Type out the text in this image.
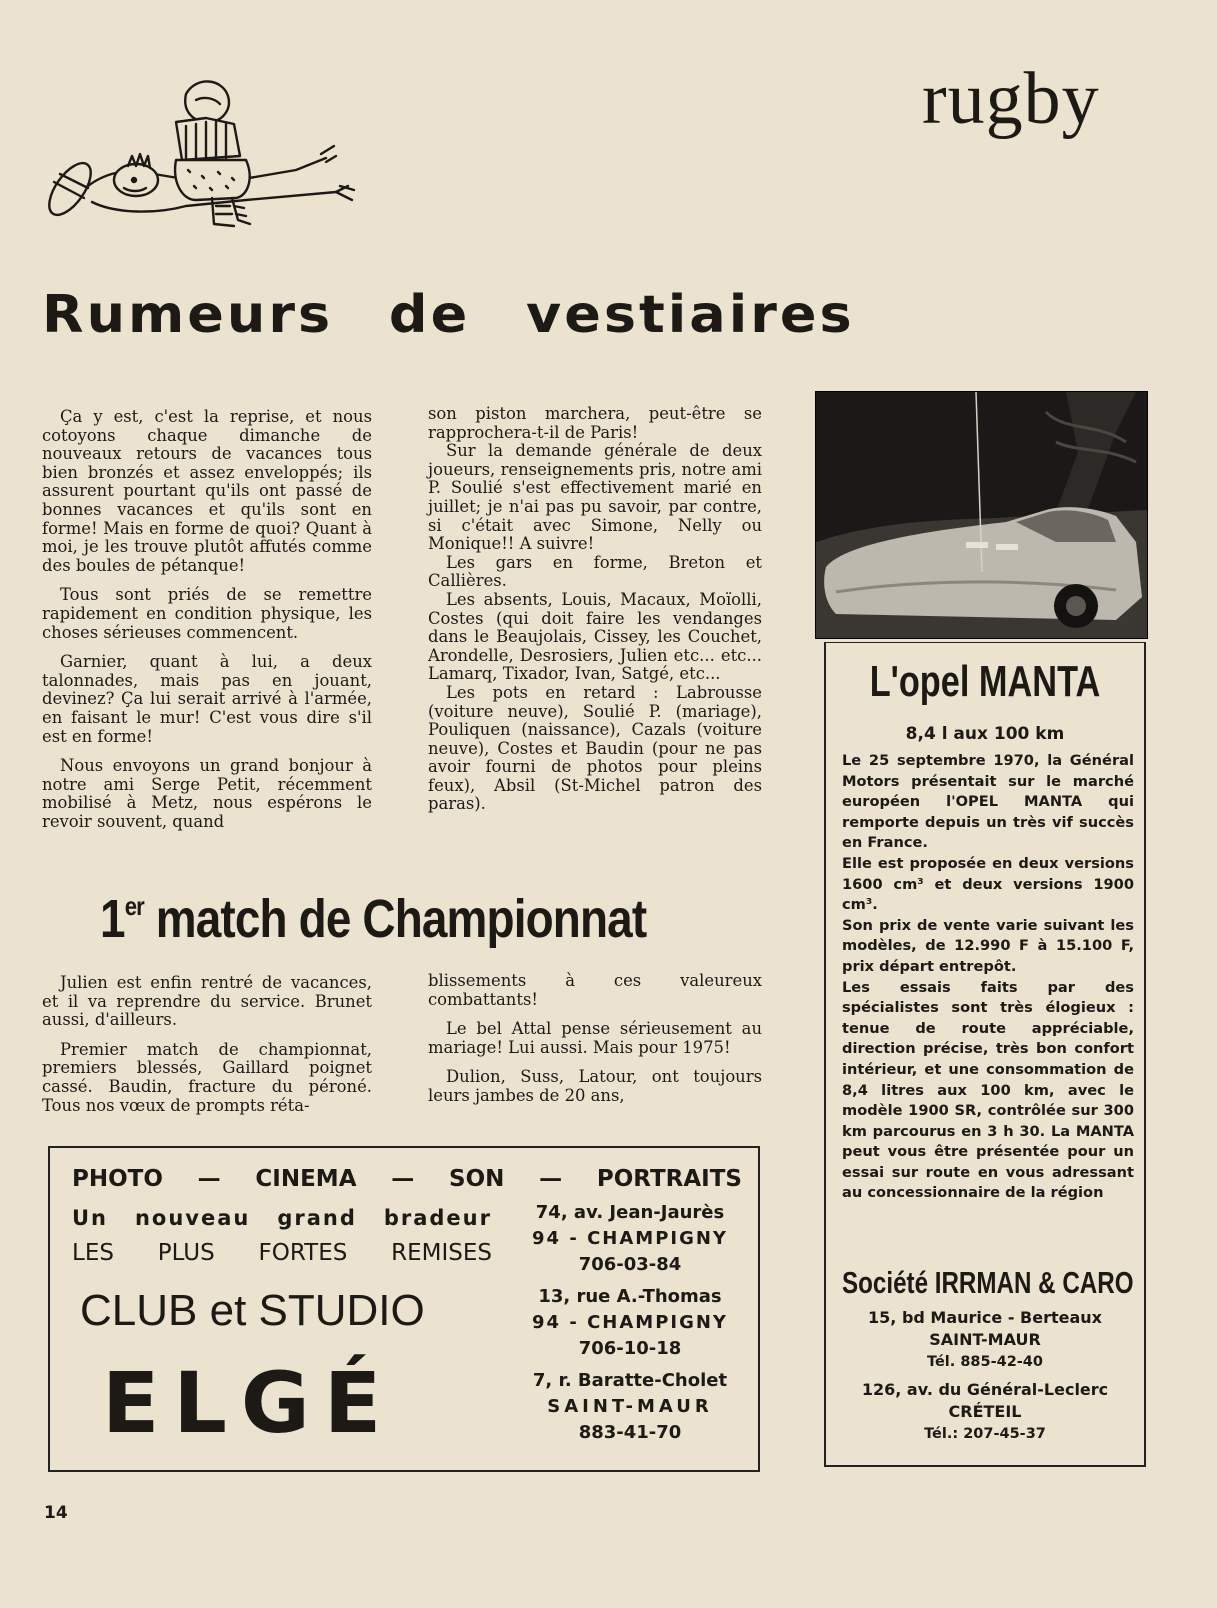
rugby
Rumeurs de vestiaires

Ça y est, c'est la reprise, et nous cotoyons chaque dimanche de nouveaux retours de vacances tous bien bronzés et assez enveloppés; ils assurent pourtant qu'ils ont passé de bonnes vacances et qu'ils sont en forme! Mais en forme de quoi? Quant à moi, je les trouve plutôt affutés comme des boules de pétanque!

Tous sont priés de se remettre rapidement en condition physique, les choses sérieuses commencent.

Garnier, quant à lui, a deux talonnades, mais pas en jouant, devinez? Ça lui serait arrivé à l'armée, en faisant le mur! C'est vous dire s'il est en forme!

Nous envoyons un grand bonjour à notre ami Serge Petit, récemment mobilisé à Metz, nous espérons le revoir souvent, quand

son piston marchera, peut-être se rapprochera-t-il de Paris!

Sur la demande générale de deux joueurs, renseignements pris, notre ami P. Soulié s'est effectivement marié en juillet; je n'ai pas pu savoir, par contre, si c'était avec Simone, Nelly ou Monique!! A suivre!

Les gars en forme, Breton et Callières.

Les absents, Louis, Macaux, Moïolli, Costes (qui doit faire les vendanges dans le Beaujolais, Cissey, les Couchet, Arondelle, Desrosiers, Julien etc... etc... Lamarq, Tixador, Ivan, Satgé, etc...

Les pots en retard : Labrousse (voiture neuve), Soulié P. (mariage), Pouliquen (naissance), Cazals (voiture neuve), Costes et Baudin (pour ne pas avoir fourni de photos pour pleins feux), Absil (St-Michel patron des paras).

1er match de Championnat

Julien est enfin rentré de vacances, et il va reprendre du service. Brunet aussi, d'ailleurs.

Premier match de championnat, premiers blessés, Gaillard poignet cassé. Baudin, fracture du péroné. Tous nos vœux de prompts réta-

blissements à ces valeureux combattants!

Le bel Attal pense sérieusement au mariage! Lui aussi. Mais pour 1975!

Dulion, Suss, Latour, ont toujours leurs jambes de 20 ans,

L'opel MANTA
8,4 l aux 100 km

Le 25 septembre 1970, la Général Motors présentait sur le marché européen l'OPEL MANTA qui remporte depuis un très vif succès en France.

Elle est proposée en deux versions 1600 cm³ et deux versions 1900 cm³.

Son prix de vente varie suivant les modèles, de 12.990 F à 15.100 F, prix départ entrepôt.

Les essais faits par des spécialistes sont très élogieux : tenue de route appréciable, direction précise, très bon confort intérieur, et une consommation de 8,4 litres aux 100 km, avec le modèle 1900 SR, contrôlée sur 300 km parcourus en 3 h 30. La MANTA peut vous être présentée pour un essai sur route en vous adressant au concessionnaire de la région

Société IRRMAN & CARO
15, bd Maurice - Berteaux
SAINT-MAUR
Tél. 885-42-40
126, av. du Général-Leclerc
CRÉTEIL
Tél.: 207-45-37
PHOTO — CINEMA — SON — PORTRAITS
Un nouveau grand bradeur
LES PLUS FORTES REMISES
CLUB et STUDIO
ELGÉ
74, av. Jean-Jaurès
94 - CHAMPIGNY
706-03-84
13, rue A.-Thomas
94 - CHAMPIGNY
706-10-18
7, r. Baratte-Cholet
SAINT-MAUR
883-41-70
14
